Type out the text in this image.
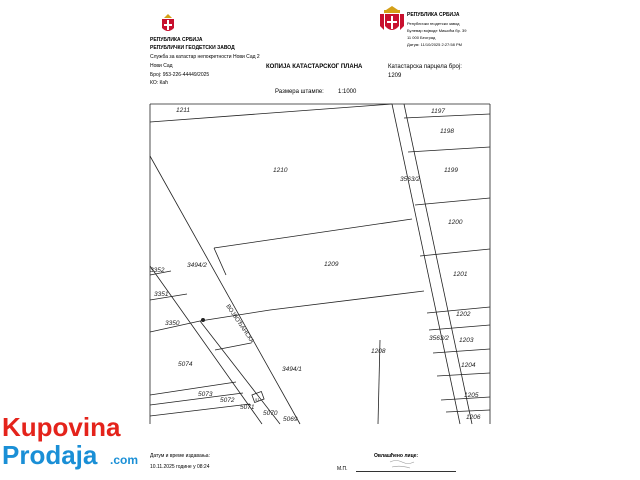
РЕПУБЛИКА СРБИЈА
РЕПУБЛИЧКИ ГЕОДЕТСКИ ЗАВОД
Служба за катастар непокретности Нови Сад 2
Нови Сад
Број: 953-226-44449/2025
КО: Каћ
РЕПУБЛИКА СРБИЈА
Републички геодетски завод
Булевар војводе Мишића бр. 39
11 000 Београд
Датум: 11/10/2025 2:27:58 PM
Катастарска парцела број:
1209
КОПИЈА КАТАСТАРСКОГ ПЛАНА
Размера штампе: 1:1000
1211
1210
1209
1208
1197
1198
1199
1200
1201
1202
1203
1204
1205
1206
3563/2
3563/2
3494/2
3494/1
3352
3351
3350
5074
5073
5072
5071
5070
5069
51
ВОЈВОЂАНСКА
Датум и време издавања:
10.11.2025 године у 08:24
Овлашћено лице:
М.П.
Kupovina
Prodaja .com
